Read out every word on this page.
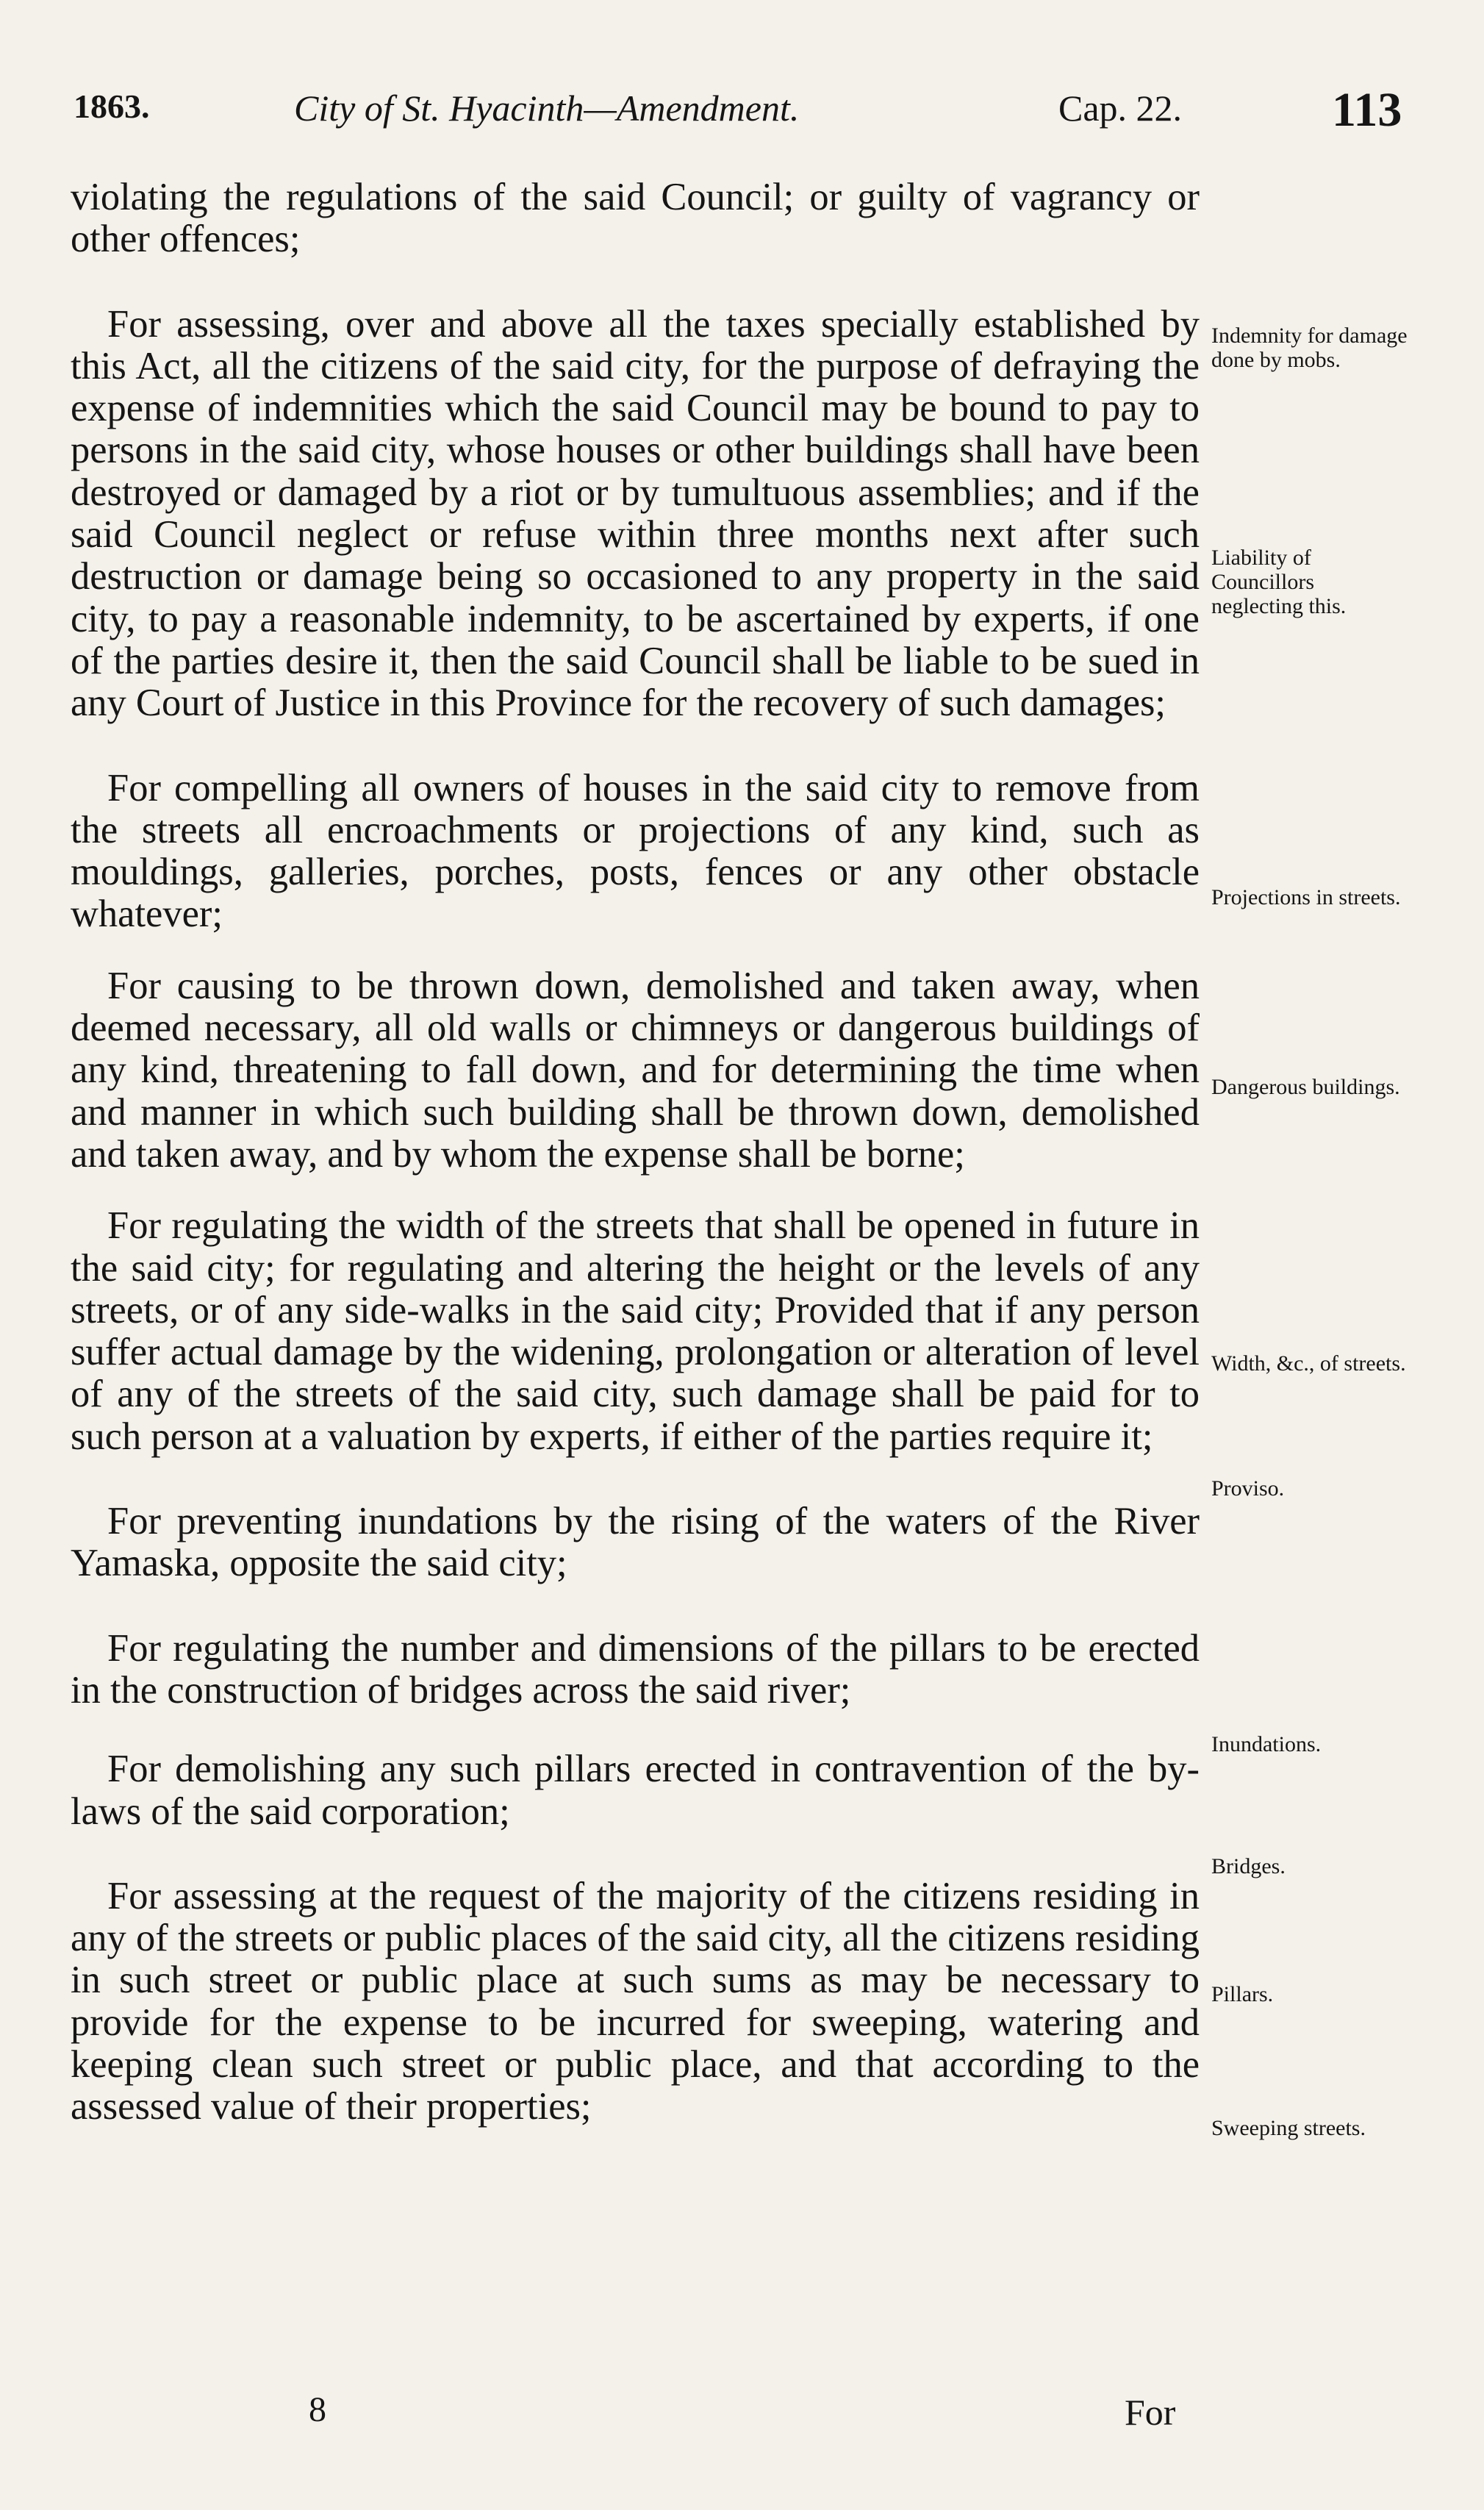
1863.	City of St. Hyacinth—Amendment.	Cap. 22.	113

violating the regulations of the said Council; or guilty of vagrancy or other offences;

For assessing, over and above all the taxes specially established by this Act, all the citizens of the said city, for the purpose of defraying the expense of indemnities which the said Council may be bound to pay to persons in the said city, whose houses or other buildings shall have been destroyed or damaged by a riot or by tumultuous assemblies; and if the said Council neglect or refuse within three months next after such destruction or damage being so occasioned to any property in the said city, to pay a reasonable indemnity, to be ascertained by experts, if one of the parties desire it, then the said Council shall be liable to be sued in any Court of Justice in this Province for the recovery of such damages;

For compelling all owners of houses in the said city to remove from the streets all encroachments or projections of any kind, such as mouldings, galleries, porches, posts, fences or any other obstacle whatever;

For causing to be thrown down, demolished and taken away, when deemed necessary, all old walls or chimneys or dangerous buildings of any kind, threatening to fall down, and for determining the time when and manner in which such building shall be thrown down, demolished and taken away, and by whom the expense shall be borne;

For regulating the width of the streets that shall be opened in future in the said city; for regulating and altering the height or the levels of any streets, or of any side-walks in the said city; Provided that if any person suffer actual damage by the widening, prolongation or alteration of level of any of the streets of the said city, such damage shall be paid for to such person at a valuation by experts, if either of the parties require it;

For preventing inundations by the rising of the waters of the River Yamaska, opposite the said city;

For regulating the number and dimensions of the pillars to be erected in the construction of bridges across the said river;

For demolishing any such pillars erected in contravention of the by-laws of the said corporation;

For assessing at the request of the majority of the citizens residing in any of the streets or public places of the said city, all the citizens residing in such street or public place at such sums as may be necessary to provide for the expense to be incurred for sweeping, watering and keeping clean such street or public place, and that according to the assessed value of their properties;

Indemnity for damage done by mobs.
Liability of Councillors neglecting this.
Projections in streets.
Dangerous buildings.
Width, &c., of streets.
Proviso.
Inundations.
Bridges.
Pillars.
Sweeping streets.
8	For
